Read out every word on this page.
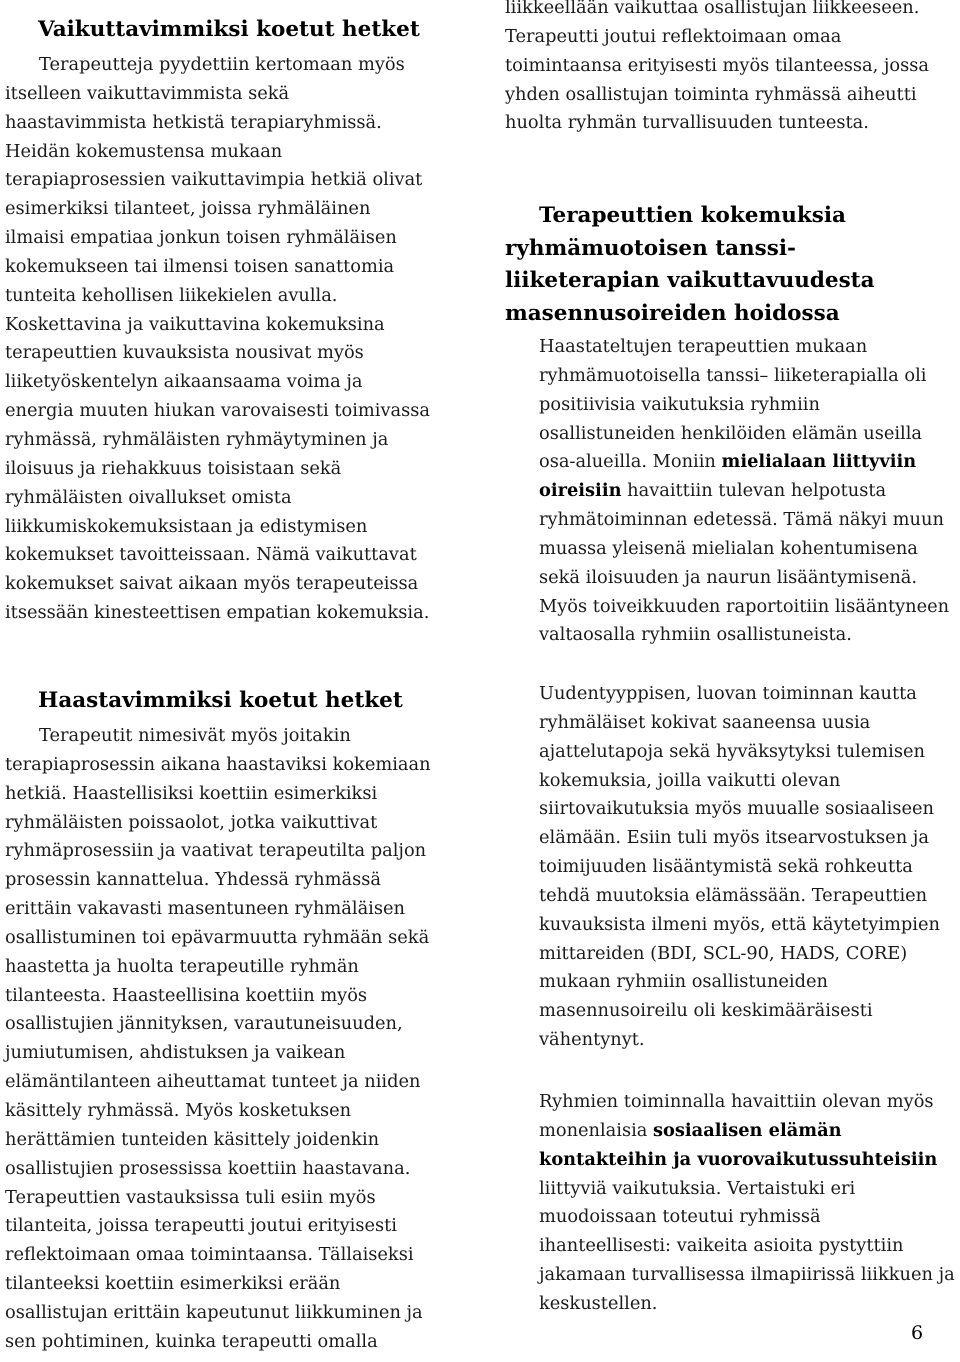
Vaikuttavimmiksi koetut hetket
Terapeutteja pyydettiin kertomaan myös
itselleen vaikuttavimmista sekä
haastavimmista hetkistä terapiaryhmissä.
Heidän kokemustensa mukaan
terapiaprosessien vaikuttavimpia hetkiä olivat
esimerkiksi tilanteet, joissa ryhmäläinen
ilmaisi empatiaa jonkun toisen ryhmäläisen
kokemukseen tai ilmensi toisen sanattomia
tunteita kehollisen liikekielen avulla.
Koskettavina ja vaikuttavina kokemuksina
terapeuttien kuvauksista nousivat myös
liiketyöskentelyn aikaansaama voima ja
energia muuten hiukan varovaisesti toimivassa
ryhmässä, ryhmäläisten ryhmäytyminen ja
iloisuus ja riehakkuus toisistaan sekä
ryhmäläisten oivallukset omista
liikkumiskokemuksistaan ja edistymisen
kokemukset tavoitteissaan. Nämä vaikuttavat
kokemukset saivat aikaan myös terapeuteissa
itsessään kinesteettisen empatian kokemuksia.
Haastavimmiksi koetut hetket
Terapeutit nimesivät myös joitakin
terapiaprosessin aikana haastaviksi kokemiaan
hetkiä. Haastellisiksi koettiin esimerkiksi
ryhmäläisten poissaolot, jotka vaikuttivat
ryhmäprosessiin ja vaativat terapeutilta paljon
prosessin kannattelua. Yhdessä ryhmässä
erittäin vakavasti masentuneen ryhmäläisen
osallistuminen toi epävarmuutta ryhmään sekä
haastetta ja huolta terapeutille ryhmän
tilanteesta. Haasteellisina koettiin myös
osallistujien jännityksen, varautuneisuuden,
jumiutumisen, ahdistuksen ja vaikean
elämäntilanteen aiheuttamat tunteet ja niiden
käsittely ryhmässä. Myös kosketuksen
herättämien tunteiden käsittely joidenkin
osallistujien prosessissa koettiin haastavana.
Terapeuttien vastauksissa tuli esiin myös
tilanteita, joissa terapeutti joutui erityisesti
reflektoimaan omaa toimintaansa. Tällaiseksi
tilanteeksi koettiin esimerkiksi erään
osallistujan erittäin kapeutunut liikkuminen ja
sen pohtiminen, kuinka terapeutti omalla
liikkeellään vaikuttaa osallistujan liikkeeseen.
Terapeutti joutui reflektoimaan omaa
toimintaansa erityisesti myös tilanteessa, jossa
yhden osallistujan toiminta ryhmässä aiheutti
huolta ryhmän turvallisuuden tunteesta.
Terapeuttien kokemuksia
ryhmämuotoisen tanssi-
liiketerapian vaikuttavuudesta
masennusoireiden hoidossa

Haastateltujen terapeuttien mukaan ryhmämuotoisella tanssi– liiketerapialla oli positiivisia vaikutuksia ryhmiin osallistuneiden henkilöiden elämän useilla osa-alueilla. Moniin mielialaan liittyviin oireisiin havaittiin tulevan helpotusta ryhmätoiminnan edetessä. Tämä näkyi muun muassa yleisenä mielialan kohentumisena sekä iloisuuden ja naurun lisääntymisenä. Myös toiveikkuuden raportoitiin lisääntyneen valtaosalla ryhmiin osallistuneista.

Uudentyyppisen, luovan toiminnan kautta ryhmäläiset kokivat saaneensa uusia ajattelutapoja sekä hyväksytyksi tulemisen kokemuksia, joilla vaikutti olevan siirtovaikutuksia myös muualle sosiaaliseen elämään. Esiin tuli myös itsearvostuksen ja toimijuuden lisääntymistä sekä rohkeutta tehdä muutoksia elämässään. Terapeuttien kuvauksista ilmeni myös, että käytetyimpien mittareiden (BDI, SCL-90, HADS, CORE) mukaan ryhmiin osallistuneiden masennusoireilu oli keskimääräisesti vähentynyt.

Ryhmien toiminnalla havaittiin olevan myös monenlaisia sosiaalisen elämän kontakteihin ja vuorovaikutussuhteisiin liittyviä vaikutuksia. Vertaistuki eri muodoissaan toteutui ryhmissä ihanteellisesti: vaikeita asioita pystyttiin jakamaan turvallisessa ilmapiirissä liikkuen ja keskustellen.

6
